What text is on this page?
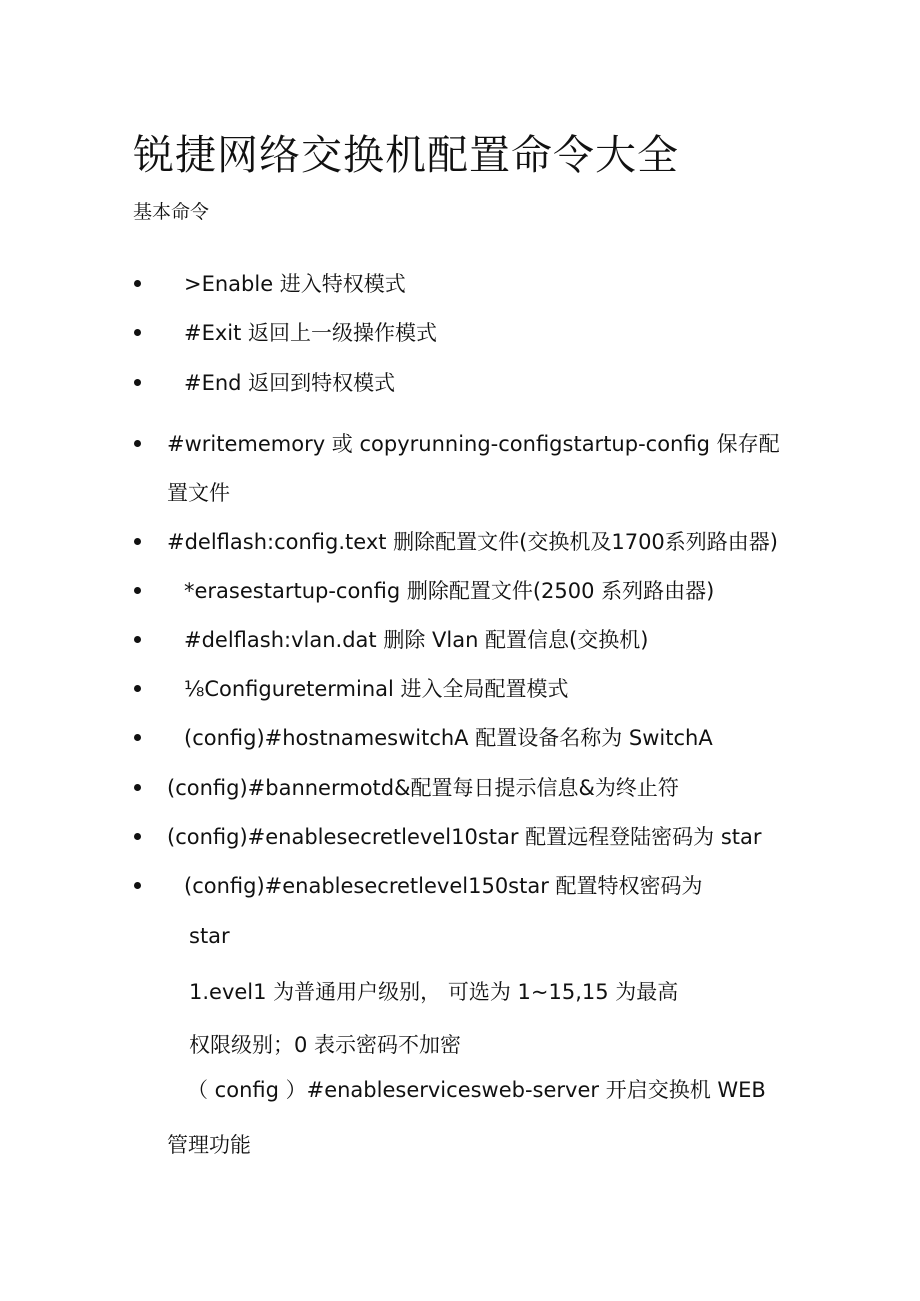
锐捷网络交换机配置命令大全
基本命令
>Enable 进入特权模式
#Exit 返回上一级操作模式
#End 返回到特权模式
#writememory 或 copyrunning-configstartup-config 保存配
置文件
#delflash:config.text 删除配置文件(交换机及1700系列路由器)
*erasestartup-config 删除配置文件(2500 系列路由器)
#delflash:vlan.dat 删除 Vlan 配置信息(交换机)
⅛Configureterminal 进入全局配置模式
(config)#hostnameswitchA 配置设备名称为 SwitchA
(config)#bannermotd&配置每日提示信息&为终止符
(config)#enablesecretlevel10star 配置远程登陆密码为 star
(config)#enablesecretlevel150star 配置特权密码为
star
1.evel1 为普通用户级别， 可选为 1~15,15 为最高
权限级别；0 表示密码不加密
（ config ）#enableservicesweb-server 开启交换机 WEB
管理功能
